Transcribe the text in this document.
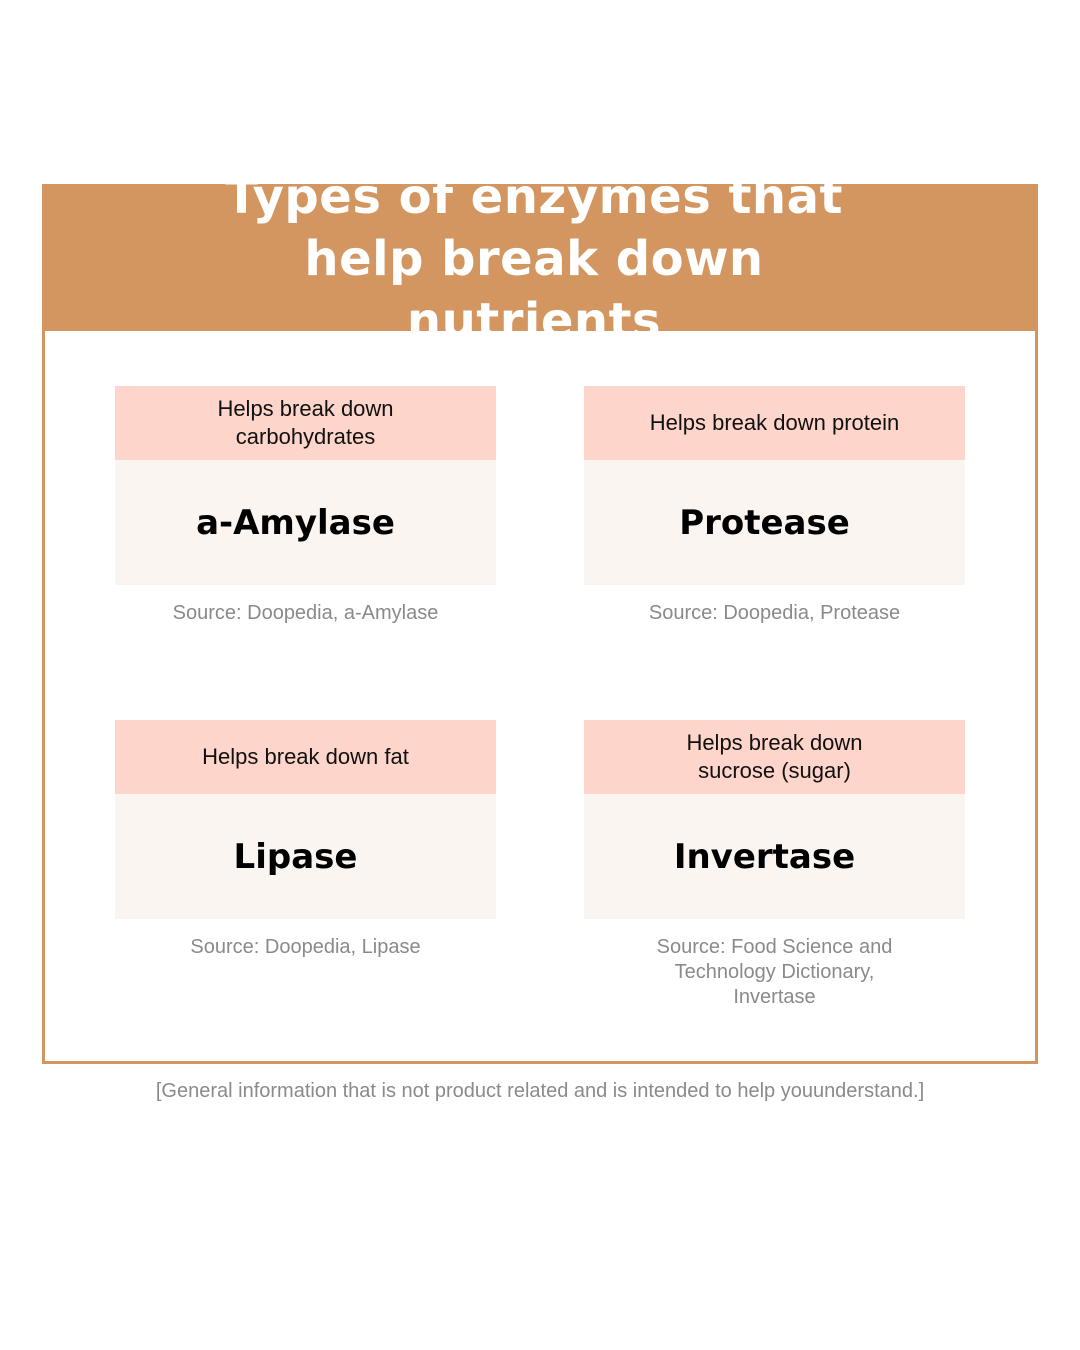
Types of enzymes that help break down nutrients
Helps break down carbohydrates
a-Amylase
Source: Doopedia, a-Amylase
Helps break down protein
Protease
Source: Doopedia, Protease
Helps break down fat
Lipase
Source: Doopedia, Lipase
Helps break down sucrose (sugar)
Invertase
Source: Food Science and Technology Dictionary, Invertase
[General information that is not product related and is intended to help youunderstand.]
